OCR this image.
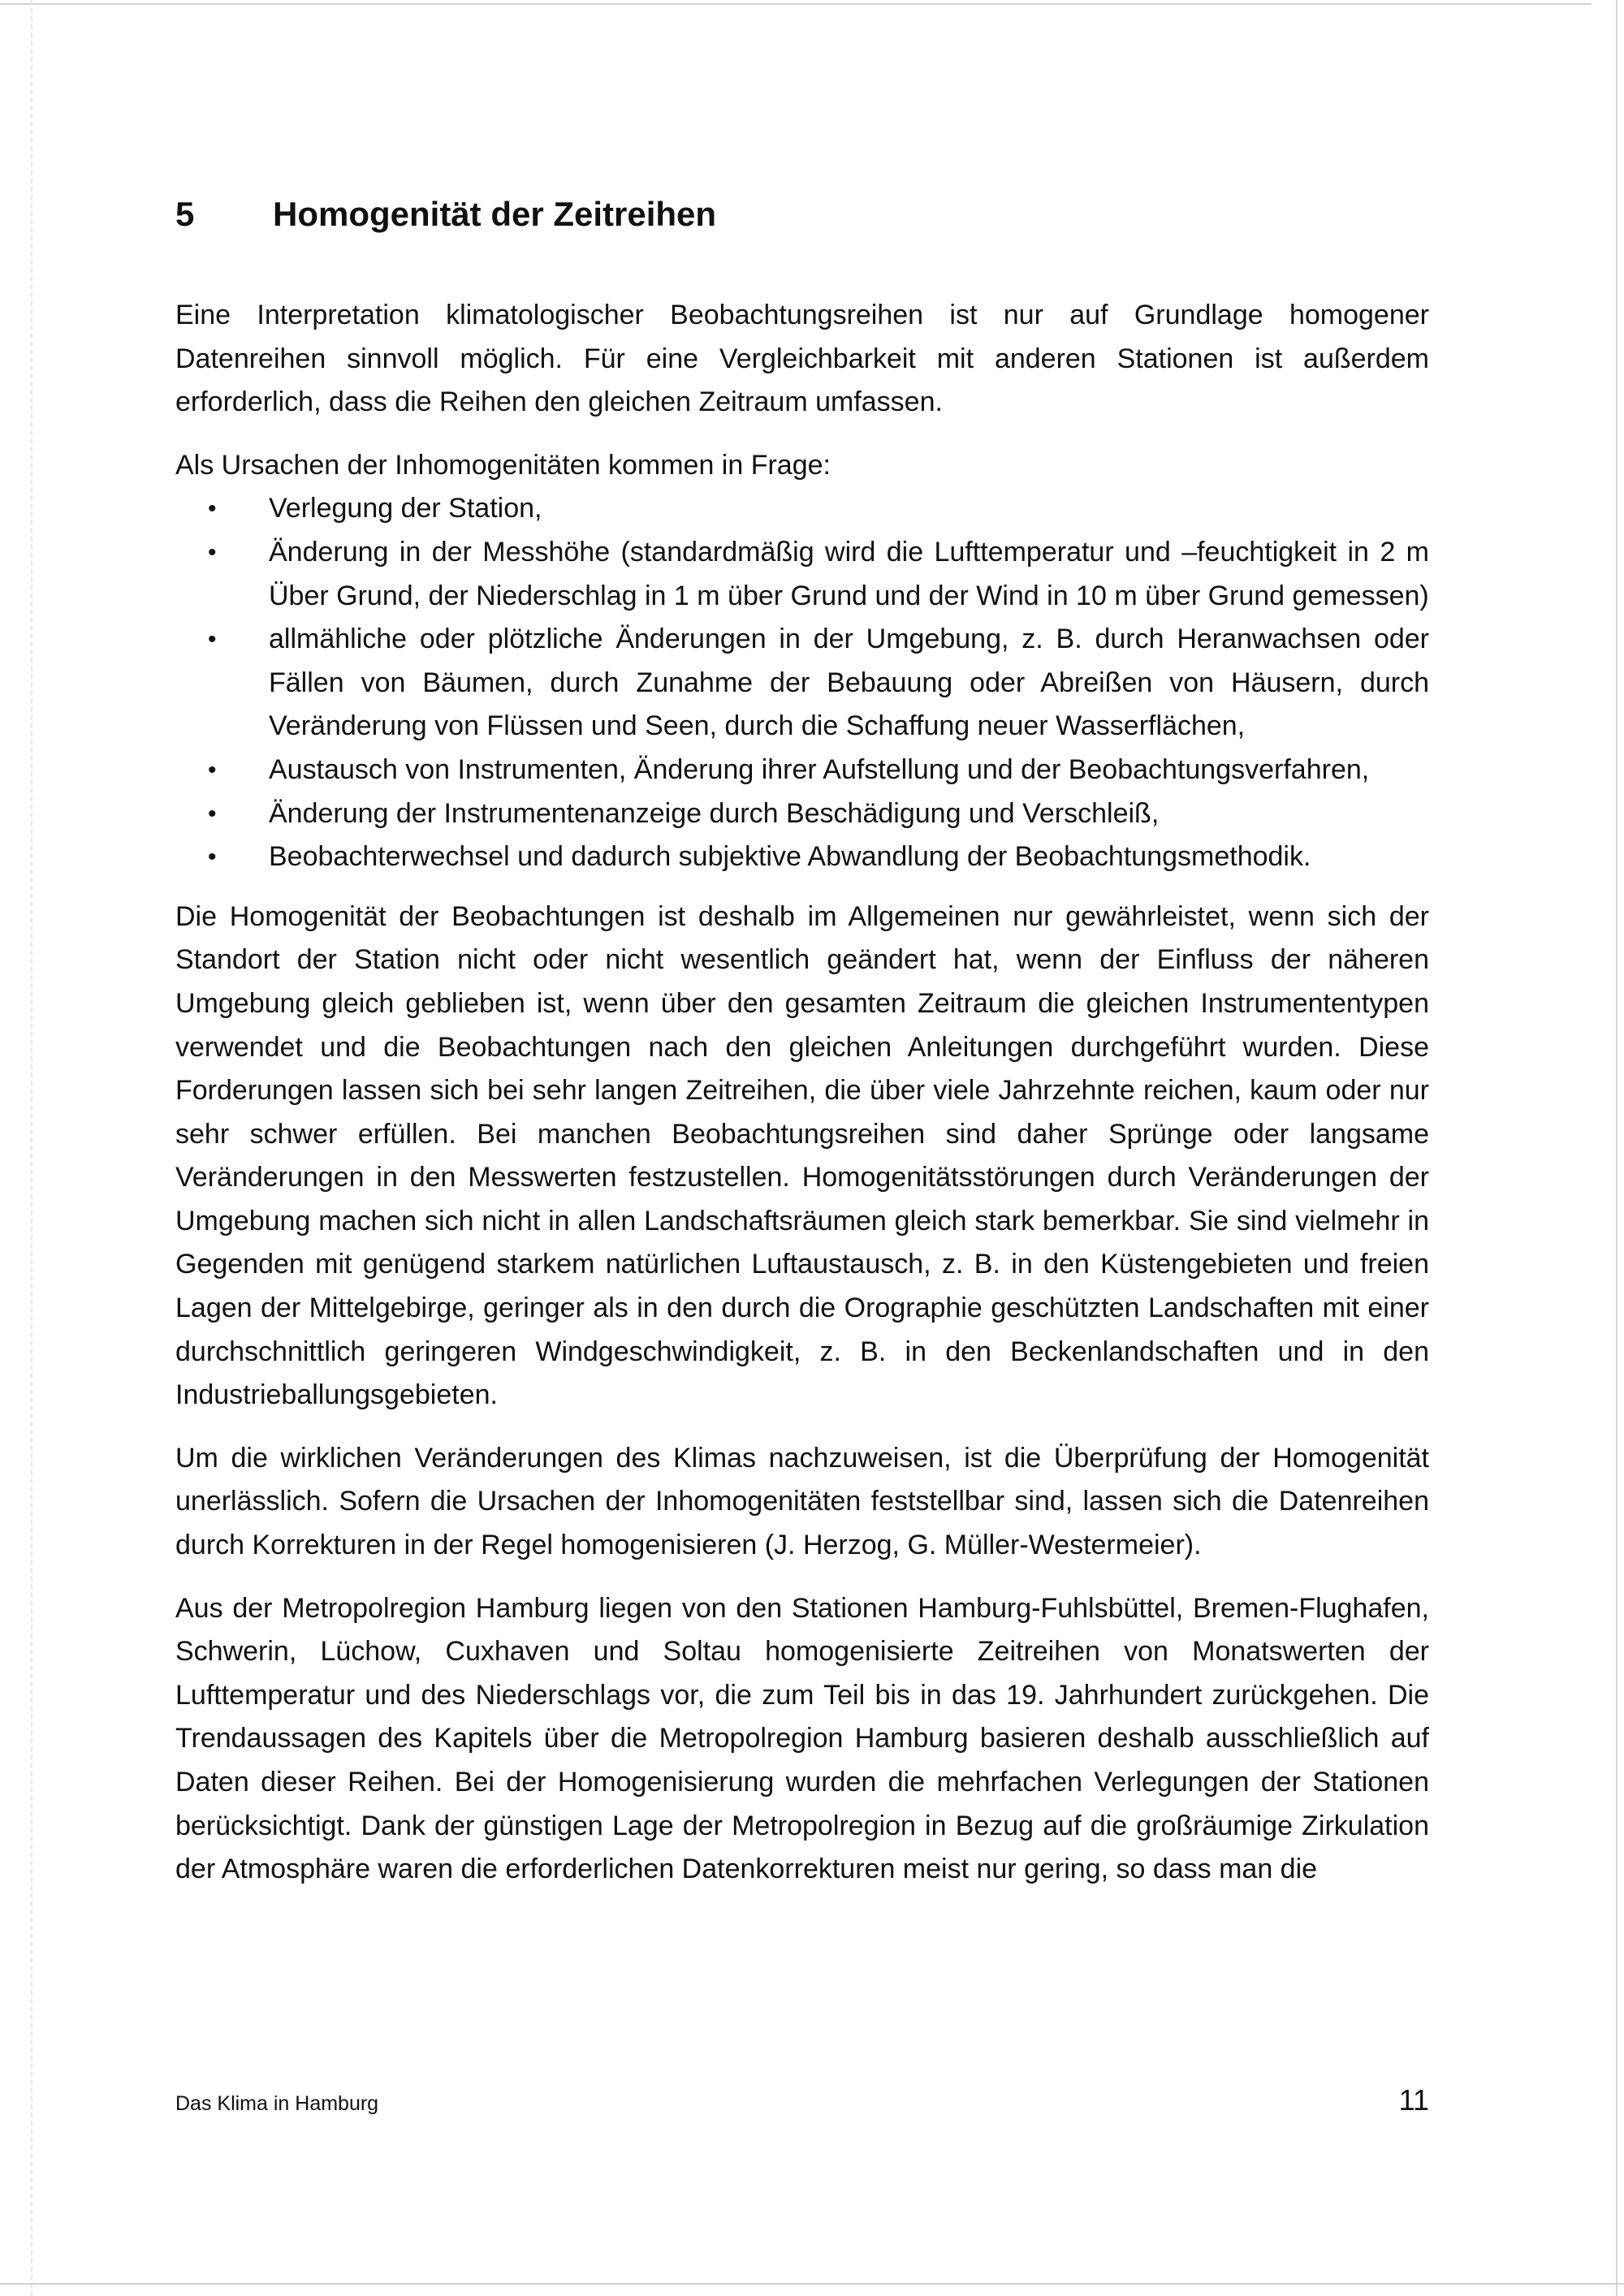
5	Homogenität der Zeitreihen

Eine Interpretation klimatologischer Beobachtungsreihen ist nur auf Grundlage homogener Datenreihen sinnvoll möglich. Für eine Vergleichbarkeit mit anderen Stationen ist außerdem erforderlich, dass die Reihen den gleichen Zeitraum umfassen.

Als Ursachen der Inhomogenitäten kommen in Frage:

• Verlegung der Station,
• Änderung in der Messhöhe (standardmäßig wird die Lufttemperatur und –feuchtigkeit in 2 m Über Grund, der Niederschlag in 1 m über Grund und der Wind in 10 m über Grund gemessen)
• allmähliche oder plötzliche Änderungen in der Umgebung, z. B. durch Heranwachsen oder Fällen von Bäumen, durch Zunahme der Bebauung oder Abreißen von Häusern, durch Veränderung von Flüssen und Seen, durch die Schaffung neuer Wasserflächen,
• Austausch von Instrumenten, Änderung ihrer Aufstellung und der Beobachtungsverfahren,
• Änderung der Instrumentenanzeige durch Beschädigung und Verschleiß,
• Beobachterwechsel und dadurch subjektive Abwandlung der Beobachtungsmethodik.

Die Homogenität der Beobachtungen ist deshalb im Allgemeinen nur gewährleistet, wenn sich der Standort der Station nicht oder nicht wesentlich geändert hat, wenn der Einfluss der näheren Umgebung gleich geblieben ist, wenn über den gesamten Zeitraum die gleichen Instrumententypen verwendet und die Beobachtungen nach den gleichen Anleitungen durchgeführt wurden. Diese Forderungen lassen sich bei sehr langen Zeitreihen, die über viele Jahrzehnte reichen, kaum oder nur sehr schwer erfüllen. Bei manchen Beobachtungsreihen sind daher Sprünge oder langsame Veränderungen in den Messwerten festzustellen. Homogenitätsstörungen durch Veränderungen der Umgebung machen sich nicht in allen Landschaftsräumen gleich stark bemerkbar. Sie sind vielmehr in Gegenden mit genügend starkem natürlichen Luftaustausch, z. B. in den Küstengebieten und freien Lagen der Mittelgebirge, geringer als in den durch die Orographie geschützten Landschaften mit einer durchschnittlich geringeren Windgeschwindigkeit, z. B. in den Beckenlandschaften und in den Industrieballungsgebieten.

Um die wirklichen Veränderungen des Klimas nachzuweisen, ist die Überprüfung der Homogenität unerlässlich. Sofern die Ursachen der Inhomogenitäten feststellbar sind, lassen sich die Datenreihen durch Korrekturen in der Regel homogenisieren (J. Herzog, G. Müller-Westermeier).

Aus der Metropolregion Hamburg liegen von den Stationen Hamburg-Fuhlsbüttel, Bremen-Flughafen, Schwerin, Lüchow, Cuxhaven und Soltau homogenisierte Zeitreihen von Monatswerten der Lufttemperatur und des Niederschlags vor, die zum Teil bis in das 19. Jahrhundert zurückgehen. Die Trendaussagen des Kapitels über die Metropolregion Hamburg basieren deshalb ausschließlich auf Daten dieser Reihen. Bei der Homogenisierung wurden die mehrfachen Verlegungen der Stationen berücksichtigt. Dank der günstigen Lage der Metropolregion in Bezug auf die großräumige Zirkulation der Atmosphäre waren die erforderlichen Datenkorrekturen meist nur gering, so dass man die

Das Klima in Hamburg	11
